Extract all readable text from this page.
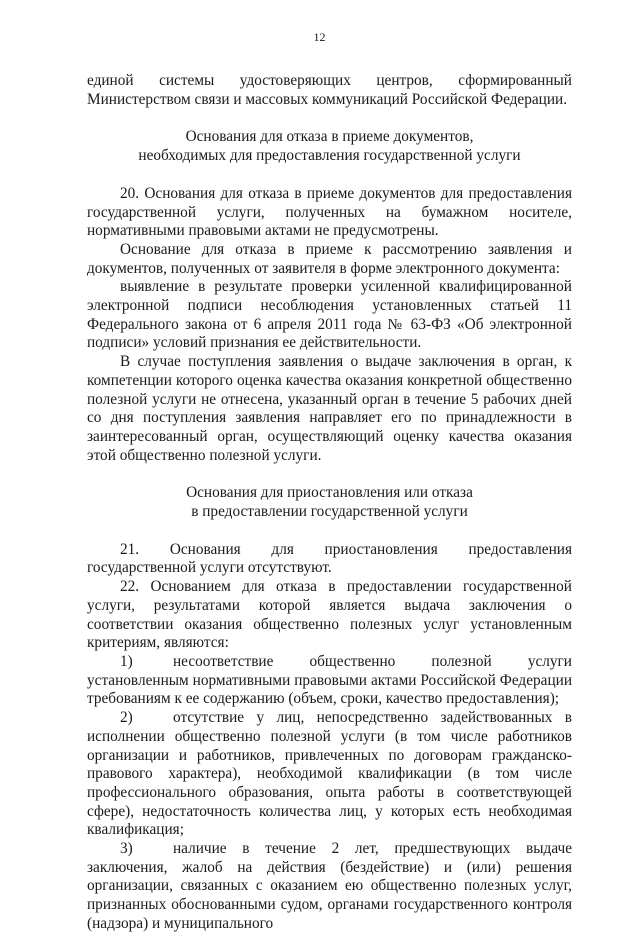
12

единой системы удостоверяющих центров, сформированный Министерством связи и массовых коммуникаций Российской Федерации.

Основания для отказа в приеме документов,

необходимых для предоставления государственной услуги

20. Основания для отказа в приеме документов для предоставления государственной услуги, полученных на бумажном носителе, нормативными правовыми актами не предусмотрены.

Основание для отказа в приеме к рассмотрению заявления и документов, полученных от заявителя в форме электронного документа:

выявление в результате проверки усиленной квалифицированной электронной подписи несоблюдения установленных статьей 11 Федерального закона от 6 апреля 2011 года № 63-ФЗ «Об электронной подписи» условий признания ее действительности.

В случае поступления заявления о выдаче заключения в орган, к компетенции которого оценка качества оказания конкретной общественно полезной услуги не отнесена, указанный орган в течение 5 рабочих дней со дня поступления заявления направляет его по принадлежности в заинтересованный орган, осуществляющий оценку качества оказания этой общественно полезной услуги.

Основания для приостановления или отказа

в предоставлении государственной услуги

21. Основания для приостановления предоставления государственной услуги отсутствуют.

22. Основанием для отказа в предоставлении государственной услуги, результатами которой является выдача заключения о соответствии оказания общественно полезных услуг установленным критериям, являются:

1)	несоответствие общественно полезной услуги установленным нормативными правовыми актами Российской Федерации требованиям к ее содержанию (объем, сроки, качество предоставления);

2)	отсутствие у лиц, непосредственно задействованных в исполнении общественно полезной услуги (в том числе работников организации и работников, привлеченных по договорам гражданско-правового характера), необходимой квалификации (в том числе профессионального образования, опыта работы в соответствующей сфере), недостаточность количества лиц, у которых есть необходимая квалификация;

3)	наличие в течение 2 лет, предшествующих выдаче заключения, жалоб на действия (бездействие) и (или) решения организации, связанных с оказанием ею общественно полезных услуг, признанных обоснованными судом, органами государственного контроля (надзора) и муниципального
